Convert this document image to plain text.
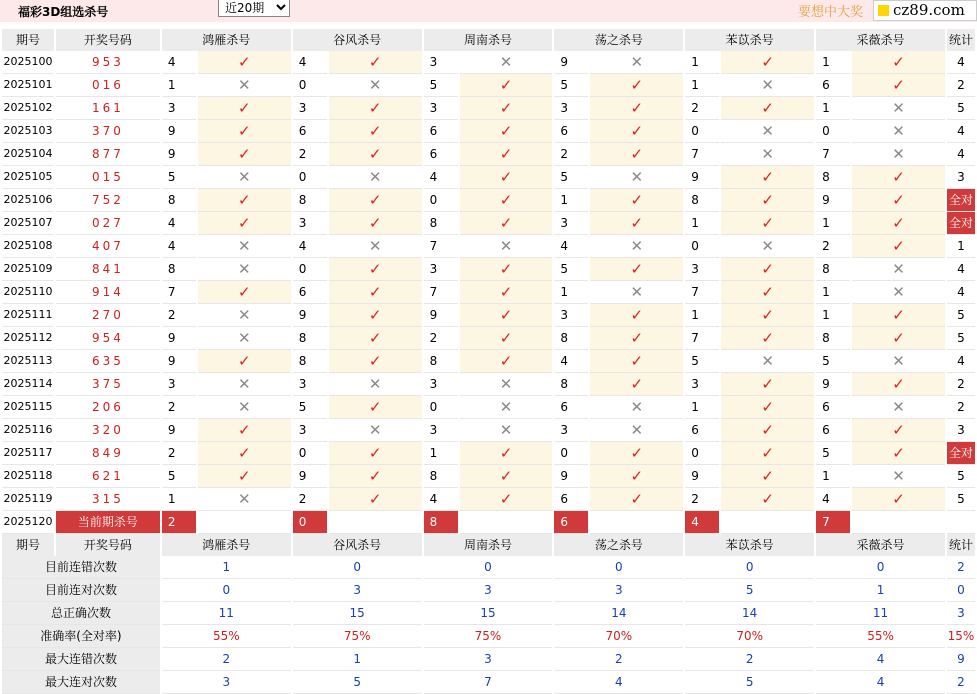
福彩3D组选杀号
近20期	要想中大奖 cz89.com
期号	开奖号码	鸿雁杀号		谷风杀号		周南杀号		荡之杀号		苯苡杀号		采薇杀号		统计
2025100	953	4	✓	4	✓	3	✕	9	✕	1	✓	1	✓	4
2025101	016	1	✕	0	✕	5	✓	5	✓	1	✕	6	✓	2
2025102	161	3	✓	3	✓	3	✓	3	✓	2	✓	1	✕	5
2025103	370	9	✓	6	✓	6	✓	6	✓	0	✕	0	✕	4
2025104	877	9	✓	2	✓	6	✓	2	✓	7	✕	7	✕	4
2025105	015	5	✕	0	✕	4	✓	5	✕	9	✓	8	✓	3
2025106	752	8	✓	8	✓	0	✓	1	✓	8	✓	9	✓	全对
2025107	027	4	✓	3	✓	8	✓	3	✓	1	✓	1	✓	全对
2025108	407	4	✕	4	✕	7	✕	4	✕	0	✕	2	✓	1
2025109	841	8	✕	0	✓	3	✓	5	✓	3	✓	8	✕	4
2025110	914	7	✓	6	✓	7	✓	1	✕	7	✓	1	✕	4
2025111	270	2	✕	9	✓	9	✓	3	✓	1	✓	1	✓	5
2025112	954	9	✕	8	✓	2	✓	8	✓	7	✓	8	✓	5
2025113	635	9	✓	8	✓	8	✓	4	✓	5	✕	5	✕	4
2025114	375	3	✕	3	✕	3	✕	8	✓	3	✓	9	✓	2
2025115	206	2	✕	5	✓	0	✕	6	✕	1	✓	6	✕	2
2025116	320	9	✓	3	✕	3	✕	3	✕	6	✓	6	✓	3
2025117	849	2	✓	0	✓	1	✓	0	✓	0	✓	5	✓	全对
2025118	621	5	✓	9	✓	8	✓	9	✓	9	✓	1	✕	5
2025119	315	1	✕	2	✓	4	✓	6	✓	2	✓	4	✓	5
2025120	当前期杀号	2		0		8		6		4		7		
期号	开奖号码	鸿雁杀号		谷风杀号		周南杀号		荡之杀号		苯苡杀号		采薇杀号		统计
目前连错次数		1		0		0		0		0		0		2
目前连对次数		0		3		3		3		5		1		0
总正确次数		11		15		15		14		14		11		3
准确率(全对率)		55%		75%		75%		70%		70%		55%		15%
最大连错次数		2		1		3		2		2		4		9
最大连对次数		3		5		7		4		5		4		2
